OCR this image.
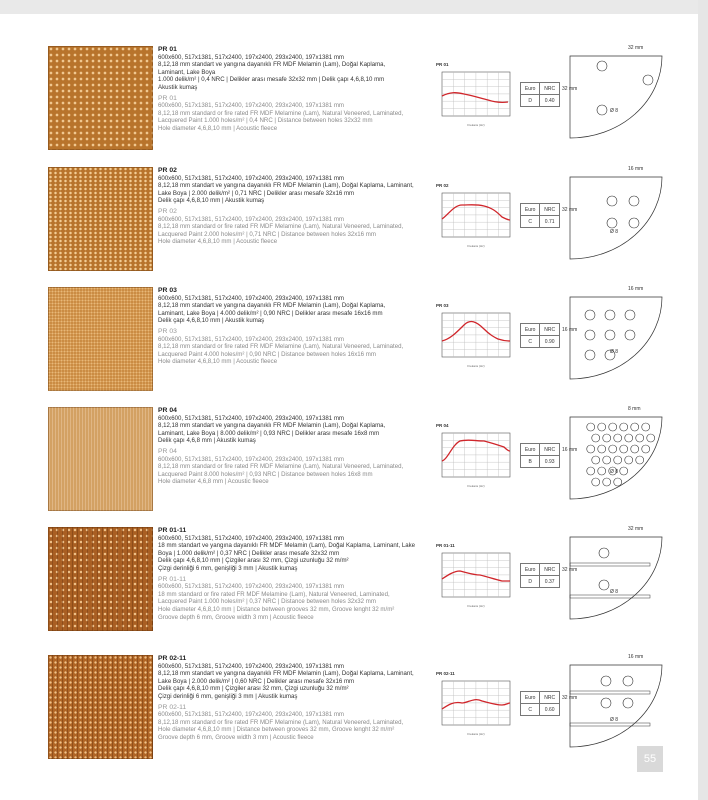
PR 01
600x600, 517x1381, 517x2400, 197x2400, 293x2400, 197x1381 mm
8,12,18 mm standart ve yangına dayanıklı FR MDF Melamin (Lam), Doğal Kaplama,
Laminant, Lake Boya
1.000 delik/m² | 0,4 NRC | Delikler arası mesafe 32x32 mm | Delik çapı 4,6,8,10 mm
Akustik kumaş
PR 01
600x600, 517x1381, 517x2400, 197x2400, 293x2400, 197x1381 mm
8,12,18 mm standard or fire rated FR MDF Melamine (Lam), Natural Veneered, Laminated,
Lacquered Paint 1.000 holes/m² | 0,4 NRC | Distance between holes 32x32 mm
Hole diameter 4,6,8,10 mm | Acoustic fleece
PR 01
Frekans (Hz)
Euro	NRC
D	0.40
32 mm
32 mm
Ø 8
PR 02
600x600, 517x1381, 517x2400, 197x2400, 293x2400, 197x1381 mm
8,12,18 mm standart ve yangına dayanıklı FR MDF Melamin (Lam), Doğal Kaplama, Laminant,
Lake Boya | 2.000 delik/m² | 0,71 NRC | Delikler arası mesafe 32x16 mm
Delik çapı 4,6,8,10 mm | Akustik kumaş
PR 02
600x600, 517x1381, 517x2400, 197x2400, 293x2400, 197x1381 mm
8,12,18 mm standard or fire rated FR MDF Melamine (Lam), Natural Veneered, Laminated,
Lacquered Paint 2.000 holes/m² | 0,71 NRC | Distance between holes 32x16 mm
Hole diameter 4,6,8,10 mm | Acoustic fleece
PR 02
Frekans (Hz)
Euro	NRC
C	0.71
16 mm
32 mm
Ø 8
PR 03
600x600, 517x1381, 517x2400, 197x2400, 293x2400, 197x1381 mm
8,12,18 mm standart ve yangına dayanıklı FR MDF Melamin (Lam), Doğal Kaplama,
Laminant, Lake Boya | 4.000 delik/m² | 0,90 NRC | Delikler arası mesafe 16x16 mm
Delik çapı 4,6,8,10 mm | Akustik kumaş
PR 03
600x600, 517x1381, 517x2400, 197x2400, 293x2400, 197x1381 mm
8,12,18 mm standard or fire rated FR MDF Melamine (Lam), Natural Veneered, Laminated,
Lacquered Paint 4.000 holes/m² | 0,90 NRC | Distance between holes 16x16 mm
Hole diameter 4,6,8,10 mm | Acoustic fleece
PR 03
Frekans (Hz)
Euro	NRC
C	0.90
16 mm
16 mm
Ø 8
PR 04
600x600, 517x1381, 517x2400, 197x2400, 293x2400, 197x1381 mm
8,12,18 mm standart ve yangına dayanıklı FR MDF Melamin (Lam), Doğal Kaplama,
Laminant, Lake Boya | 8.000 delik/m² | 0,93 NRC | Delikler arası mesafe 16x8 mm
Delik çapı 4,6,8 mm | Akustik kumaş
PR 04
600x600, 517x1381, 517x2400, 197x2400, 293x2400, 197x1381 mm
8,12,18 mm standard or fire rated FR MDF Melamine (Lam), Natural Veneered, Laminated,
Lacquered Paint 8.000 holes/m² | 0,93 NRC | Distance between holes 16x8 mm
Hole diameter 4,6,8 mm | Acoustic fleece
PR 04
Frekans (Hz)
Euro	NRC
B	0.93
8 mm
16 mm
Ø 8
PR 01-11
600x600, 517x1381, 517x2400, 197x2400, 293x2400, 197x1381 mm
18 mm standart ve yangına dayanıklı FR MDF Melamin (Lam), Doğal Kaplama, Laminant, Lake
Boya | 1.000 delik/m² | 0,37 NRC | Delikler arası mesafe 32x32 mm
Delik çapı 4,6,8,10 mm | Çizgiler arası 32 mm, Çizgi uzunluğu 32 m/m²
Çizgi derinliği 6 mm, genişliği 3 mm | Akustik kumaş
PR 01-11
600x600, 517x1381, 517x2400, 197x2400, 293x2400, 197x1381 mm
18 mm standard or fire rated FR MDF Melamine (Lam), Natural Veneered, Laminated,
Lacquered Paint 1.000 holes/m² | 0,37 NRC | Distance between holes 32x32 mm
Hole diameter 4,6,8,10 mm | Distance between grooves 32 mm, Groove lenght 32 m/m²
Groove depth 6 mm, Groove width 3 mm | Acoustic fleece
PR 01-11
Frekans (Hz)
Euro	NRC
D	0.37
32 mm
32 mm
Ø 8
PR 02-11
600x600, 517x1381, 517x2400, 197x2400, 293x2400, 197x1381 mm
8,12,18 mm standart ve yangına dayanıklı FR MDF Melamin (Lam), Doğal Kaplama, Laminant,
Lake Boya | 2.000 delik/m² | 0,60 NRC | Delikler arası mesafe 32x16 mm
Delik çapı 4,6,8,10 mm | Çizgiler arası 32 mm, Çizgi uzunluğu 32 m/m²
Çizgi derinliği 6 mm, genişliği 3 mm | Akustik kumaş
PR 02-11
600x600, 517x1381, 517x2400, 197x2400, 293x2400, 197x1381 mm
8,12,18 mm standard or fire rated FR MDF Melamine (Lam), Natural Veneered, Laminated,
Hole diameter 4,6,8,10 mm | Distance between grooves 32 mm, Groove lenght 32 m/m²
Groove depth 6 mm, Groove width 3 mm | Acoustic fleece
PR 02-11
Frekans (Hz)
Euro	NRC
C	0.60
16 mm
32 mm
Ø 8
55
